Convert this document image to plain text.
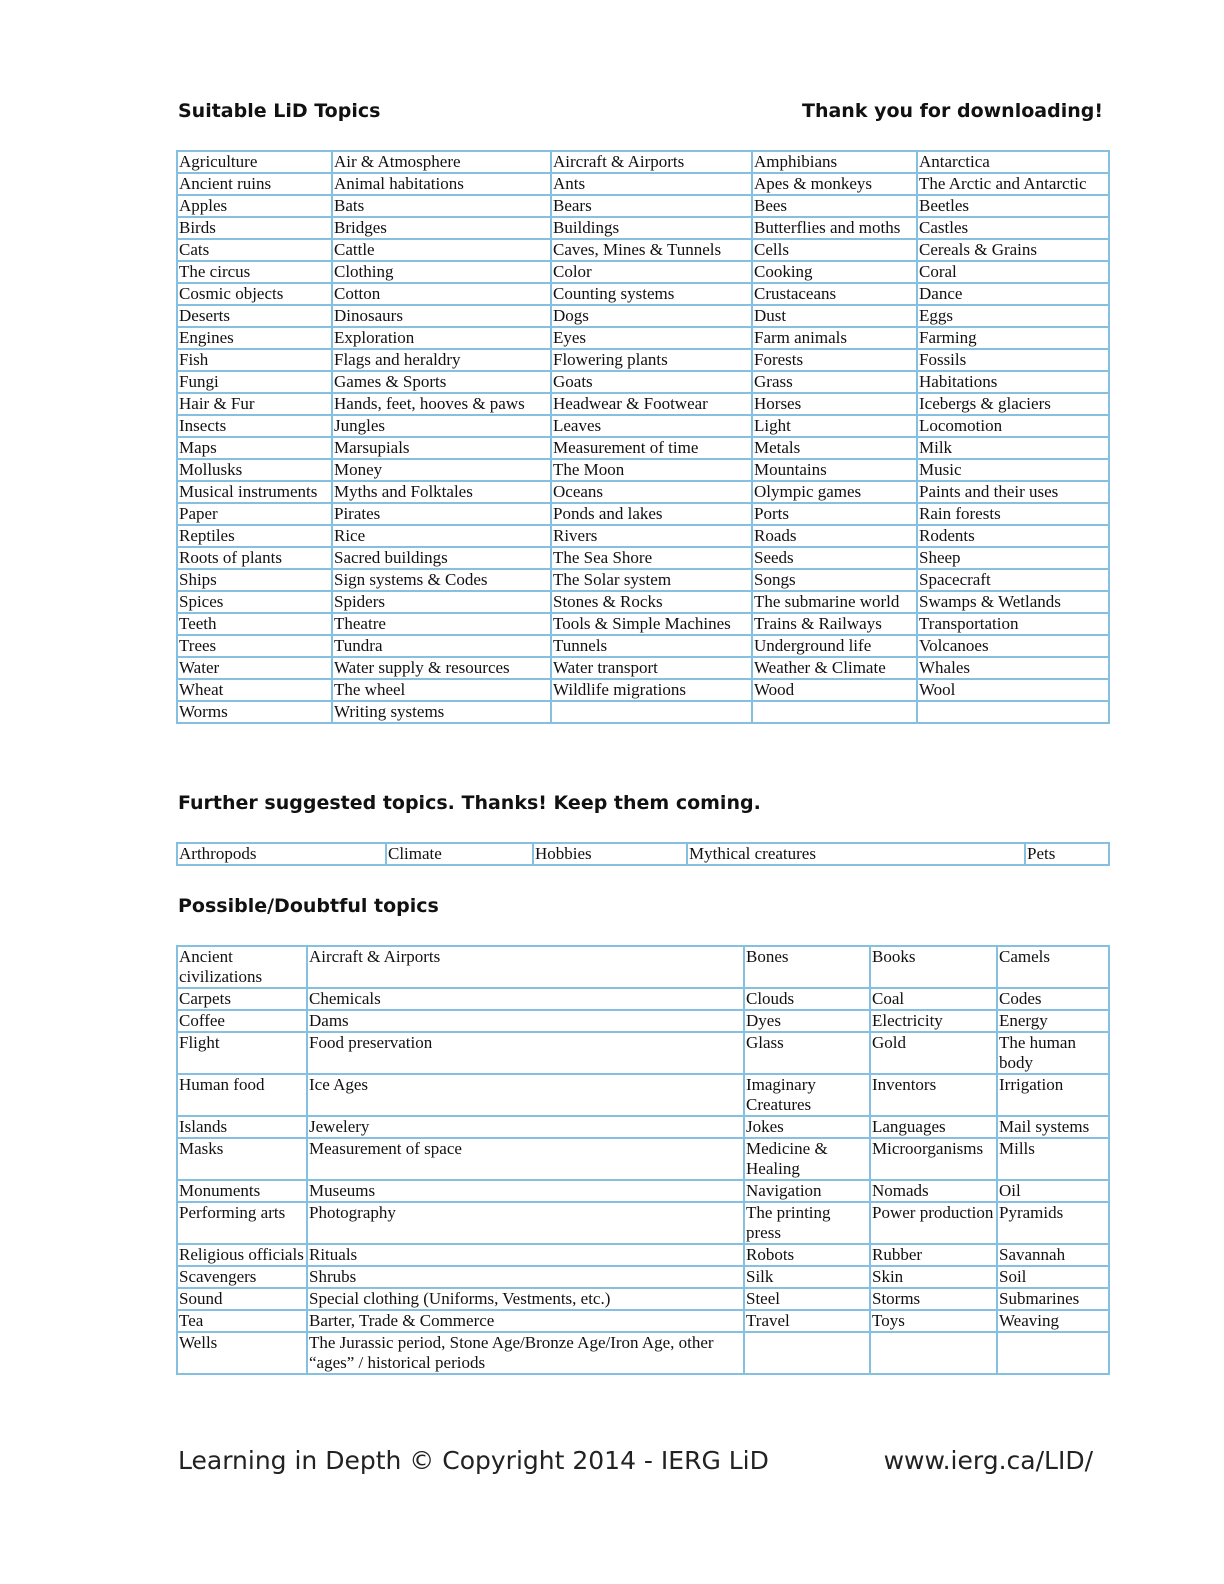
Suitable LiD Topics	Thank you for downloading!
Agriculture	Air & Atmosphere	Aircraft & Airports	Amphibians	Antarctica
Ancient ruins	Animal habitations	Ants	Apes & monkeys	The Arctic and Antarctic
Apples	Bats	Bears	Bees	Beetles
Birds	Bridges	Buildings	Butterflies and moths	Castles
Cats	Cattle	Caves, Mines & Tunnels	Cells	Cereals & Grains
The circus	Clothing	Color	Cooking	Coral
Cosmic objects	Cotton	Counting systems	Crustaceans	Dance
Deserts	Dinosaurs	Dogs	Dust	Eggs
Engines	Exploration	Eyes	Farm animals	Farming
Fish	Flags and heraldry	Flowering plants	Forests	Fossils
Fungi	Games & Sports	Goats	Grass	Habitations
Hair & Fur	Hands, feet, hooves & paws	Headwear & Footwear	Horses	Icebergs & glaciers
Insects	Jungles	Leaves	Light	Locomotion
Maps	Marsupials	Measurement of time	Metals	Milk
Mollusks	Money	The Moon	Mountains	Music
Musical instruments	Myths and Folktales	Oceans	Olympic games	Paints and their uses
Paper	Pirates	Ponds and lakes	Ports	Rain forests
Reptiles	Rice	Rivers	Roads	Rodents
Roots of plants	Sacred buildings	The Sea Shore	Seeds	Sheep
Ships	Sign systems & Codes	The Solar system	Songs	Spacecraft
Spices	Spiders	Stones & Rocks	The submarine world	Swamps & Wetlands
Teeth	Theatre	Tools & Simple Machines	Trains & Railways	Transportation
Trees	Tundra	Tunnels	Underground life	Volcanoes
Water	Water supply & resources	Water transport	Weather & Climate	Whales
Wheat	The wheel	Wildlife migrations	Wood	Wool
Worms	Writing systems			
Further suggested topics. Thanks! Keep them coming.
Arthropods	Climate	Hobbies	Mythical creatures	Pets
Possible/Doubtful topics
Ancient civilizations	Aircraft & Airports	Bones	Books	Camels
Carpets	Chemicals	Clouds	Coal	Codes
Coffee	Dams	Dyes	Electricity	Energy
Flight	Food preservation	Glass	Gold	The human body
Human food	Ice Ages	Imaginary Creatures	Inventors	Irrigation
Islands	Jewelery	Jokes	Languages	Mail systems
Masks	Measurement of space	Medicine & Healing	Microorganisms	Mills
Monuments	Museums	Navigation	Nomads	Oil
Performing arts	Photography	The printing press	Power production	Pyramids
Religious officials	Rituals	Robots	Rubber	Savannah
Scavengers	Shrubs	Silk	Skin	Soil
Sound	Special clothing (Uniforms, Vestments, etc.)	Steel	Storms	Submarines
Tea	Barter, Trade & Commerce	Travel	Toys	Weaving
Wells	The Jurassic period, Stone Age/Bronze Age/Iron Age, other “ages” / historical periods			
Learning in Depth © Copyright 2014 - IERG LiD	www.ierg.ca/LID/
